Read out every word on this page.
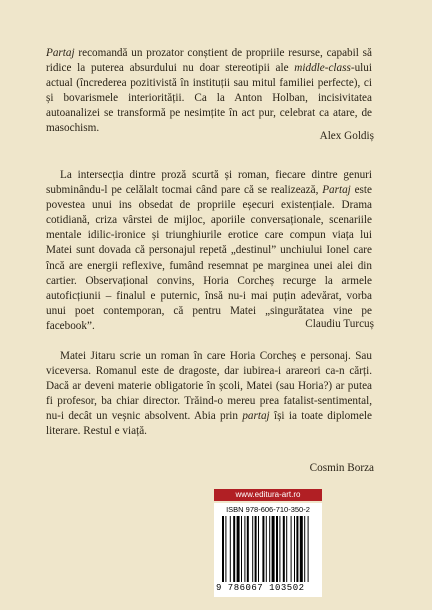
Partaj recomandă un prozator conștient de propriile resurse, capabil să ridice la puterea absurdului nu doar stereotipii ale middle-class-ului actual (încrederea pozitivistă în instituții sau mitul familiei perfecte), ci și bovarismele interiorității. Ca la Anton Holban, incisivitatea autoanalizei se transformă pe nesimțite în act pur, celebrat ca atare, de masochism.

Alex Goldiș

La intersecția dintre proză scurtă și roman, fiecare dintre genuri subminându-l pe celălalt tocmai când pare că se realizează, Partaj este povestea unui ins obsedat de propriile eșecuri existențiale. Drama cotidiană, criza vârstei de mijloc, aporiile conversaționale, scenariile mentale idilic-ironice și triunghiurile erotice care compun viața lui Matei sunt dovada că personajul repetă „destinul” unchiului Ionel care încă are energii reflexive, fumând resemnat pe marginea unei alei din cartier. Observațional convins, Horia Corcheș recurge la armele autoficțiunii – finalul e puternic, însă nu-i mai puțin adevărat, vorba unui poet contemporan, că pentru Matei „singurătatea vine pe facebook”.	Claudiu Turcuș

Matei Jitaru scrie un roman în care Horia Corcheș e personaj. Sau viceversa. Romanul este de dragoste, dar iubirea-i arareori ca-n cărți. Dacă ar deveni materie obligatorie în școli, Matei (sau Horia?) ar putea fi profesor, ba chiar director. Trăind-o mereu prea fatalist-sentimental, nu-i decât un veșnic absolvent. Abia prin partaj își ia toate diplomele literare. Restul e viață.

Cosmin Borza
www.editura-art.ro
ISBN 978-606-710-350-2
9 786067 103502
